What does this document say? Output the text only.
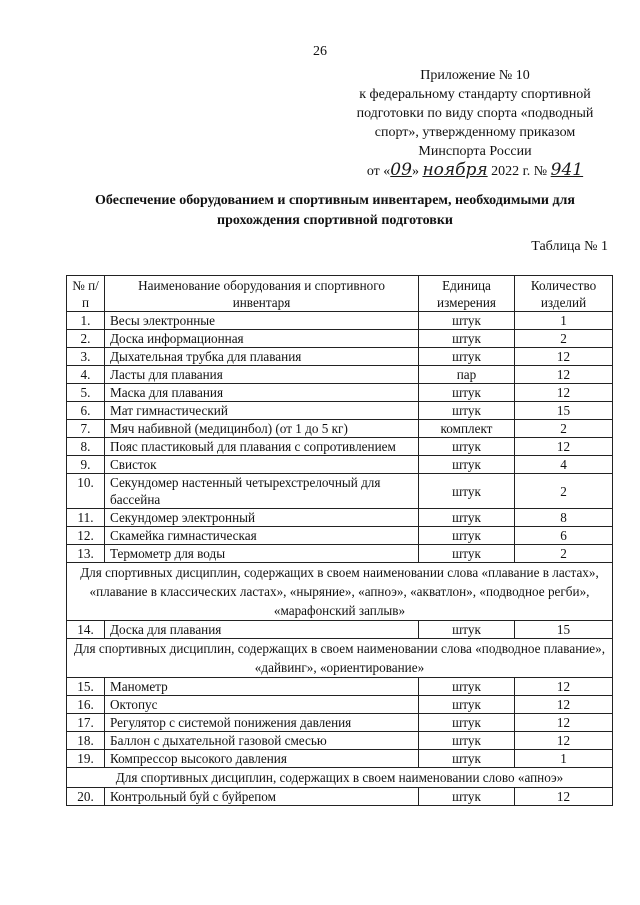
26
Приложение № 10
к федеральному стандарту спортивной
подготовки по виду спорта «подводный
спорт», утвержденному приказом
Минспорта России
от «09» ноября 2022 г. № 941
Обеспечение оборудованием и спортивным инвентарем, необходимыми для прохождения спортивной подготовки
Таблица № 1
№ п/п	Наименование оборудования и спортивного инвентаря	Единица измерения	Количество изделий
1.	Весы электронные	штук	1
2.	Доска информационная	штук	2
3.	Дыхательная трубка для плавания	штук	12
4.	Ласты для плавания	пар	12
5.	Маска для плавания	штук	12
6.	Мат гимнастический	штук	15
7.	Мяч набивной (медицинбол) (от 1 до 5 кг)	комплект	2
8.	Пояс пластиковый для плавания с сопротивлением	штук	12
9.	Свисток	штук	4
10.	Секундомер настенный четырехстрелочный для бассейна	штук	2
11.	Секундомер электронный	штук	8
12.	Скамейка гимнастическая	штук	6
13.	Термометр для воды	штук	2
Для спортивных дисциплин, содержащих в своем наименовании слова «плавание в ластах», «плавание в классических ластах», «ныряние», «апноэ», «акватлон», «подводное регби», «марафонский заплыв»			
14.	Доска для плавания	штук	15
Для спортивных дисциплин, содержащих в своем наименовании слова «подводное плавание», «дайвинг», «ориентирование»			
15.	Манометр	штук	12
16.	Октопус	штук	12
17.	Регулятор с системой понижения давления	штук	12
18.	Баллон с дыхательной газовой смесью	штук	12
19.	Компрессор высокого давления	штук	1
Для спортивных дисциплин, содержащих в своем наименовании слово «апноэ»			
20.	Контрольный буй с буйрепом	штук	12
